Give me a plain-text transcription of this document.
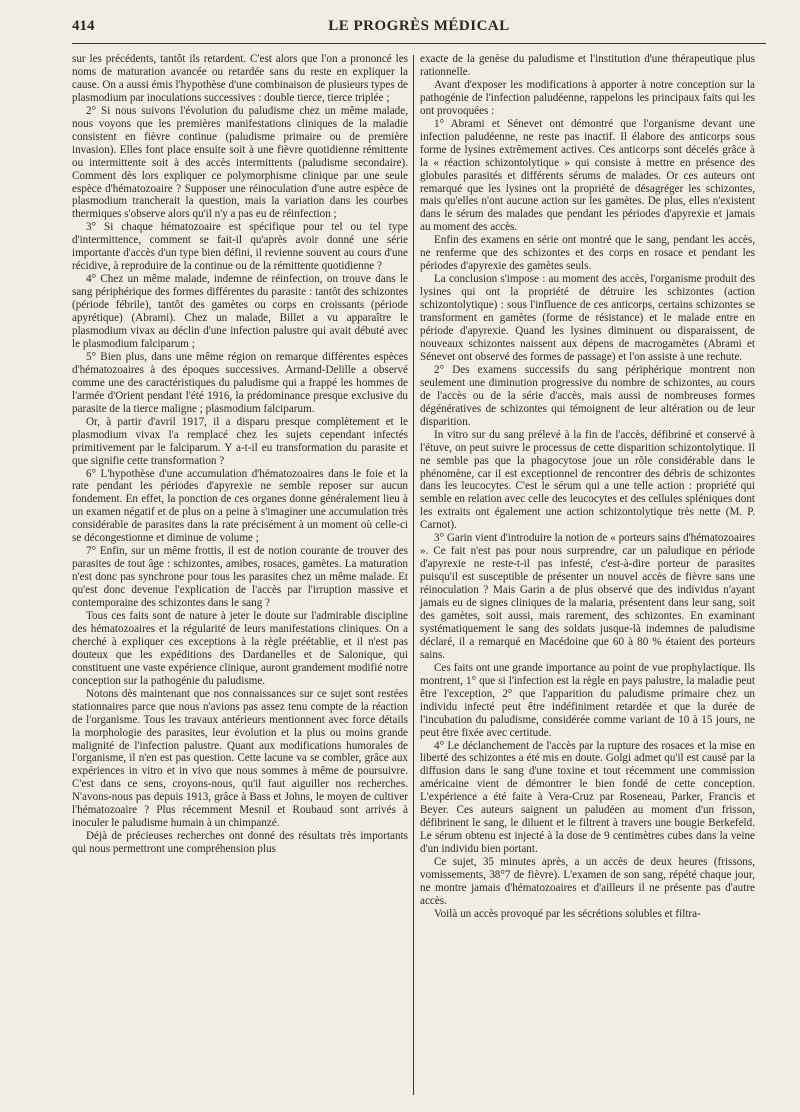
414	LE PROGRÈS MÉDICAL

sur les précédents, tantôt ils retardent. C'est alors que l'on a prononcé les noms de maturation avancée ou retardée sans du reste en expliquer la cause. On a aussi émis l'hypothèse d'une combinaison de plusieurs types de plasmodium par inoculations successives : double tierce, tierce triplée ;

2° Si nous suivons l'évolution du paludisme chez un même malade, nous voyons que les premières manifestations cliniques de la maladie consistent en fièvre continue (paludisme primaire ou de première invasion). Elles font place ensuite soit à une fièvre quotidienne rémittente ou intermittente soit à des accès intermittents (paludisme secondaire). Comment dès lors expliquer ce polymorphisme clinique par une seule espèce d'hématozoaire ? Supposer une réinoculation d'une autre espèce de plasmodium trancherait la question, mais la variation dans les courbes thermiques s'observe alors qu'il n'y a pas eu de réinfection ;

3° Si chaque hématozoaire est spécifique pour tel ou tel type d'intermittence, comment se fait-il qu'après avoir donné une série importante d'accès d'un type bien défini, il revienne souvent au cours d'une récidive, à reproduire de la continue ou de la rémittente quotidienne ?

4° Chez un même malade, indemne de réinfection, on trouve dans le sang périphérique des formes différentes du parasite : tantôt des schizontes (période fébrile), tantôt des gamètes ou corps en croissants (période apyrétique) (Abrami). Chez un malade, Billet a vu apparaître le plasmodium vivax au déclin d'une infection palustre qui avait débuté avec le plasmodium falciparum ;

5° Bien plus, dans une même région on remarque différentes espèces d'hématozoaires à des époques successives. Armand-Delille a observé comme une des caractéristiques du paludisme qui a frappé les hommes de l'armée d'Orient pendant l'été 1916, la prédominance presque exclusive du parasite de la tierce maligne ; plasmodium falciparum.

Or, à partir d'avril 1917, il a disparu presque complètement et le plasmodium vivax l'a remplacé chez les sujets cependant infectés primitivement par le falciparum. Y a-t-il eu transformation du parasite et que signifie cette transformation ?

6° L'hypothèse d'une accumulation d'hématozoaires dans le foie et la rate pendant les périodes d'apyrexie ne semble reposer sur aucun fondement. En effet, la ponction de ces organes donne généralement lieu à un examen négatif et de plus on a peine à s'imaginer une accumulation très considérable de parasites dans la rate précisément à un moment où celle-ci se décongestionne et diminue de volume ;

7° Enfin, sur un même frottis, il est de notion courante de trouver des parasites de tout âge : schizontes, amibes, rosaces, gamètes. La maturation n'est donc pas synchrone pour tous les parasites chez un même malade. Et qu'est donc devenue l'explication de l'accès par l'irruption massive et contemporaine des schizontes dans le sang ?

Tous ces faits sont de nature à jeter le doute sur l'admirable discipline des hématozoaires et la régularité de leurs manifestations cliniques. On a cherché à expliquer ces exceptions à la règle préétablie, et il n'est pas douteux que les expéditions des Dardanelles et de Salonique, qui constituent une vaste expérience clinique, auront grandement modifié notre conception sur la pathogénie du paludisme.

Notons dès maintenant que nos connaissances sur ce sujet sont restées stationnaires parce que nous n'avions pas assez tenu compte de la réaction de l'organisme. Tous les travaux antérieurs mentionnent avec force détails la morphologie des parasites, leur évolution et la plus ou moins grande malignité de l'infection palustre. Quant aux modifications humorales de l'organisme, il n'en est pas question. Cette lacune va se combler, grâce aux expériences in vitro et in vivo que nous sommes à même de poursuivre. C'est dans ce sens, croyons-nous, qu'il faut aiguiller nos recherches. N'avons-nous pas depuis 1913, grâce à Bass et Johns, le moyen de cultiver l'hématozoaire ? Plus récemment Mesnil et Roubaud sont arrivés à inoculer le paludisme humain à un chimpanzé.

Déjà de précieuses recherches ont donné des résultats très importants qui nous permettront une compréhension plus

exacte de la genèse du paludisme et l'institution d'une thérapeutique plus rationnelle.

Avant d'exposer les modifications à apporter à notre conception sur la pathogénie de l'infection paludéenne, rappelons les principaux faits qui les ont provoquées :

1° Abrami et Sénevet ont démontré que l'organisme devant une infection paludéenne, ne reste pas inactif. Il élabore des anticorps sous forme de lysines extrêmement actives. Ces anticorps sont décelés grâce à la « réaction schizontolytique » qui consiste à mettre en présence des globules parasités et différents sérums de malades. Or ces auteurs ont remarqué que les lysines ont la propriété de désagréger les schizontes, mais qu'elles n'ont aucune action sur les gamètes. De plus, elles n'existent dans le sérum des malades que pendant les périodes d'apyrexie et jamais au moment des accès.

Enfin des examens en série ont montré que le sang, pendant les accès, ne renferme que des schizontes et des corps en rosace et pendant les périodes d'apyrexie des gamètes seuls.

La conclusion s'impose : au moment des accès, l'organisme produit des lysines qui ont la propriété de détruire les schizontes (action schizontolytique) : sous l'influence de ces anticorps, certains schizontes se transforment en gamètes (forme de résistance) et le malade entre en période d'apyrexie. Quand les lysines diminuent ou disparaissent, de nouveaux schizontes naissent aux dépens de macrogamètes (Abrami et Sénevet ont observé des formes de passage) et l'on assiste à une rechute.

2° Des examens successifs du sang périphérique montrent non seulement une diminution progressive du nombre de schizontes, au cours de l'accès ou de la série d'accès, mais aussi de nombreuses formes dégénératives de schizontes qui témoignent de leur altération ou de leur disparition.

In vitro sur du sang prélevé à la fin de l'accès, défibriné et conservé à l'étuve, on peut suivre le processus de cette disparition schizontolytique. Il ne semble pas que la phagocytose joue un rôle considérable dans le phénomène, car il est exceptionnel de rencontrer des débris de schizontes dans les leucocytes. C'est le sérum qui a une telle action : propriété qui semble en relation avec celle des leucocytes et des cellules spléniques dont les extraits ont également une action schizontolytique très nette (M. P. Carnot).

3° Garin vient d'introduire la notion de « porteurs sains d'hématozoaires ». Ce fait n'est pas pour nous surprendre, car un paludique en période d'apyrexie ne reste-t-il pas infesté, c'est-à-dire porteur de parasites puisqu'il est susceptible de présenter un nouvel accès de fièvre sans une réinoculation ? Mais Garin a de plus observé que des individus n'ayant jamais eu de signes cliniques de la malaria, présentent dans leur sang, soit des gamètes, soit aussi, mais rarement, des schizontes. En examinant systématiquement le sang des soldats jusque-là indemnes de paludisme déclaré, il a remarqué en Macédoine que 60 à 80 % étaient des porteurs sains.

Ces faits ont une grande importance au point de vue prophylactique. Ils montrent, 1° que si l'infection est la règle en pays palustre, la maladie peut être l'exception, 2° que l'apparition du paludisme primaire chez un individu infecté peut être indéfiniment retardée et que la durée de l'incubation du paludisme, considérée comme variant de 10 à 15 jours, ne peut être fixée avec certitude.

4° Le déclanchement de l'accès par la rupture des rosaces et la mise en liberté des schizontes a été mis en doute. Golgi admet qu'il est causé par la diffusion dans le sang d'une toxine et tout récemment une commission américaine vient de démontrer le bien fondé de cette conception. L'expérience a été faite à Vera-Cruz par Roseneau, Parker, Francis et Beyer. Ces auteurs saignent un paludéen au moment d'un frisson, défibrinent le sang, le diluent et le filtrent à travers une bougie Berkefeld. Le sérum obtenu est injecté à la dose de 9 centimètres cubes dans la veine d'un individu bien portant.

Ce sujet, 35 minutes après, a un accès de deux heures (frissons, vomissements, 38°7 de fièvre). L'examen de son sang, répété chaque jour, ne montre jamais d'hématozoaires et d'ailleurs il ne présente pas d'autre accès.

Voilà un accès provoqué par les sécrétions solubles et filtra-
